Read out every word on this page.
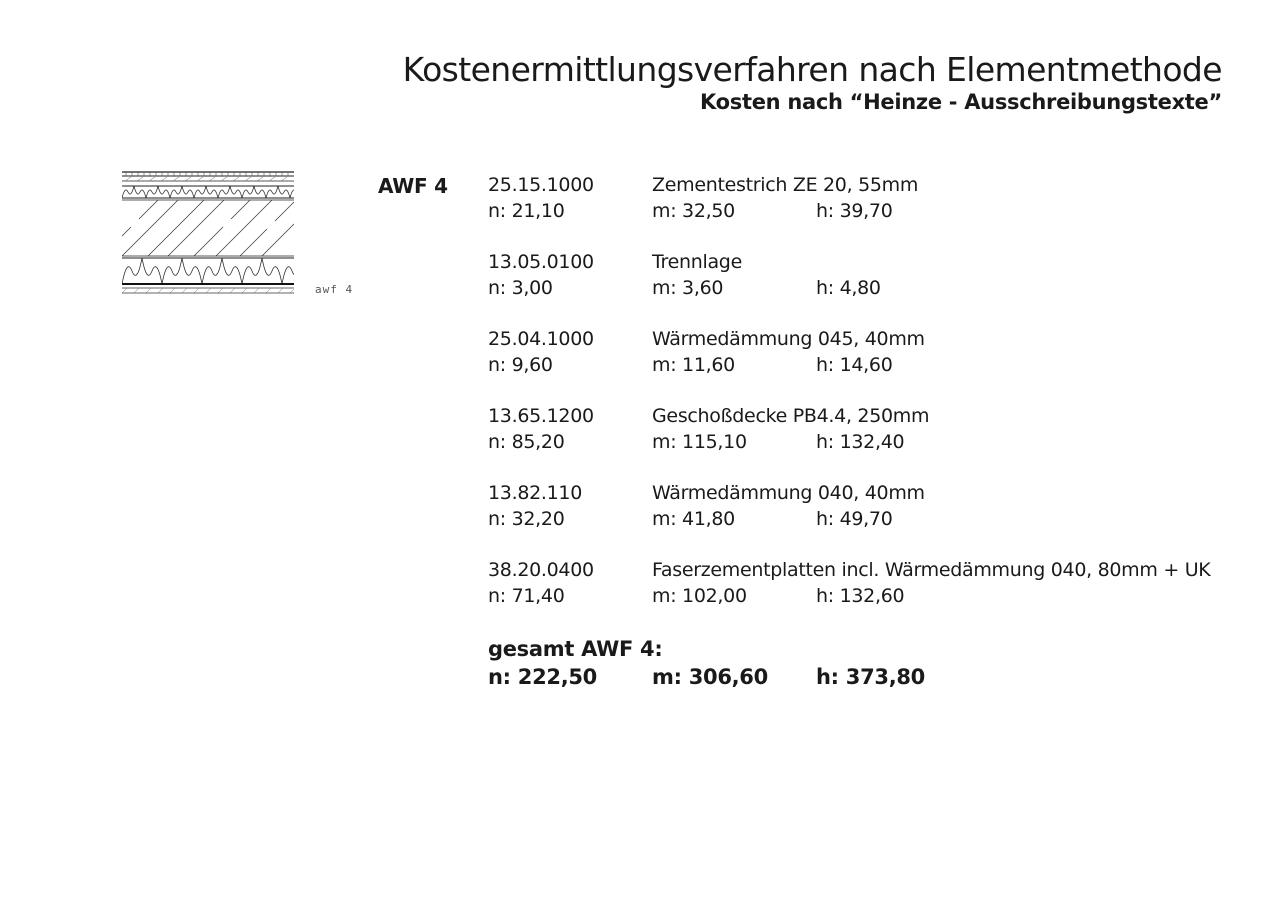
Kostenermittlungsverfahren nach Elementmethode
Kosten nach “Heinze - Ausschreibungstexte”
awf 4
AWF 4 25.15.1000	Zementestrich ZE 20, 55mm
n: 21,10	m: 32,50	h: 39,70
13.05.0100	Trennlage
n: 3,00	m: 3,60	h: 4,80
25.04.1000	Wärmedämmung 045, 40mm
n: 9,60	m: 11,60	h: 14,60
13.65.1200	Geschoßdecke PB4.4, 250mm
n: 85,20	m: 115,10	h: 132,40
13.82.110	Wärmedämmung 040, 40mm
n: 32,20	m: 41,80	h: 49,70
38.20.0400	Faserzementplatten incl. Wärmedämmung 040, 80mm + UK
n: 71,40	m: 102,00	h: 132,60
gesamt AWF 4:
n: 222,50	m: 306,60 h: 373,80
